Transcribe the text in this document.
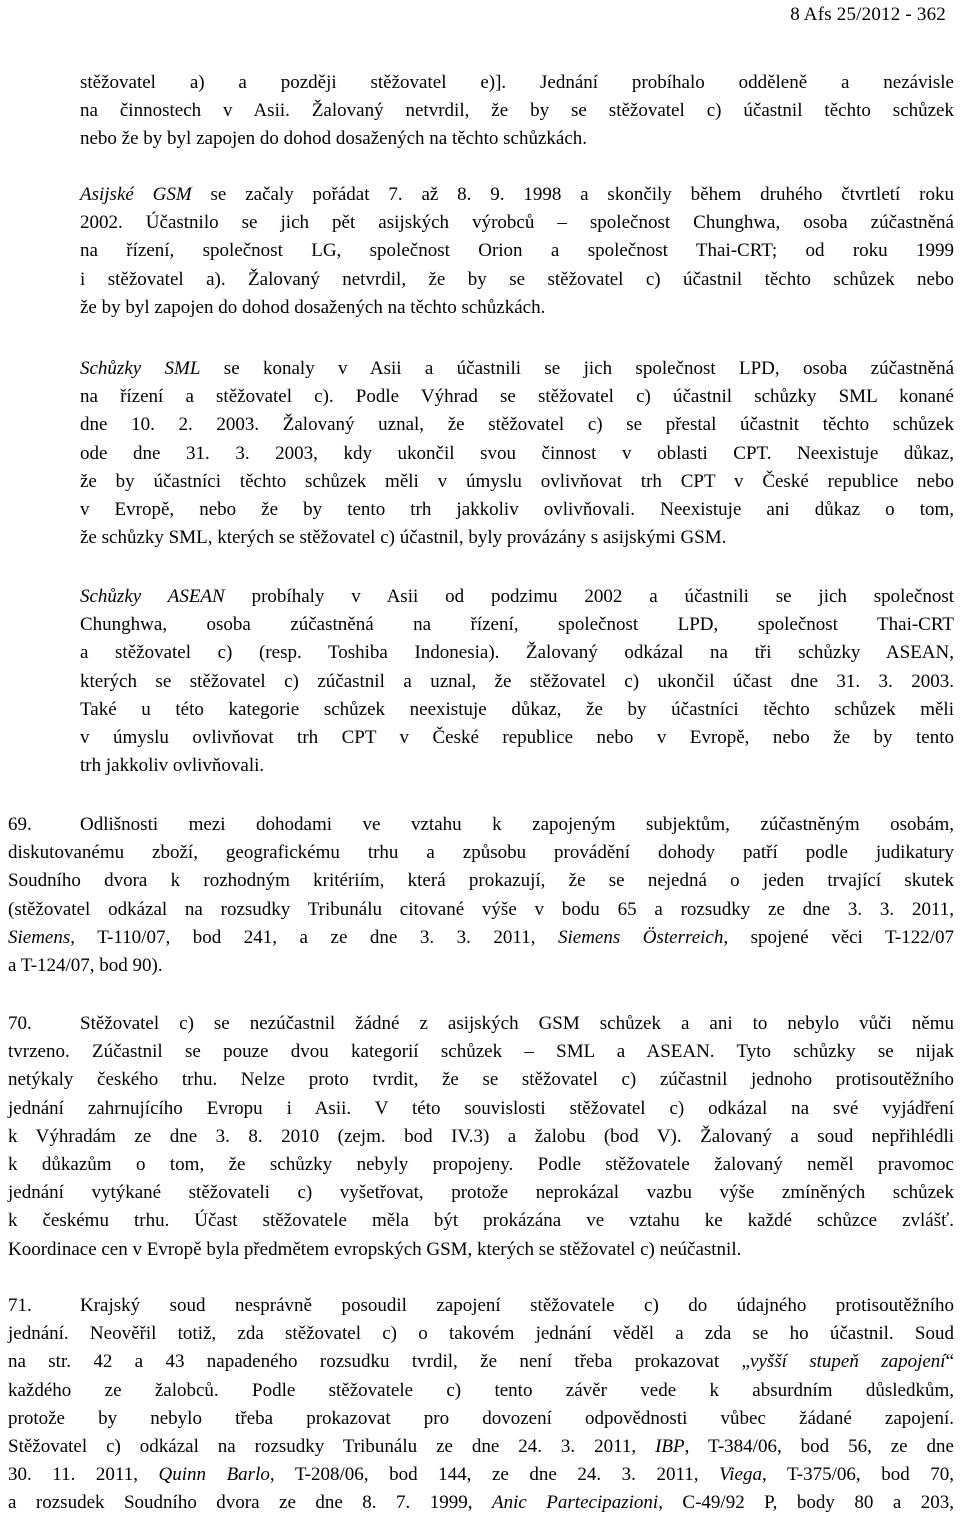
8 Afs 25/2012 - 362
stěžovatel a) a později stěžovatel e)]. Jednání probíhalo odděleně a nezávisle
na činnostech v Asii. Žalovaný netvrdil, že by se stěžovatel c) účastnil těchto schůzek
nebo že by byl zapojen do dohod dosažených na těchto schůzkách.
Asijské GSM se začaly pořádat 7. až 8. 9. 1998 a skončily během druhého čtvrtletí roku
2002. Účastnilo se jich pět asijských výrobců – společnost Chunghwa, osoba zúčastněná
na řízení, společnost LG, společnost Orion a společnost Thai-CRT; od roku 1999
i stěžovatel a). Žalovaný netvrdil, že by se stěžovatel c) účastnil těchto schůzek nebo
že by byl zapojen do dohod dosažených na těchto schůzkách.
Schůzky SML se konaly v Asii a účastnili se jich společnost LPD, osoba zúčastněná
na řízení a stěžovatel c). Podle Výhrad se stěžovatel c) účastnil schůzky SML konané
dne 10. 2. 2003. Žalovaný uznal, že stěžovatel c) se přestal účastnit těchto schůzek
ode dne 31. 3. 2003, kdy ukončil svou činnost v oblasti CPT. Neexistuje důkaz,
že by účastníci těchto schůzek měli v úmyslu ovlivňovat trh CPT v České republice nebo
v Evropě, nebo že by tento trh jakkoliv ovlivňovali. Neexistuje ani důkaz o tom,
že schůzky SML, kterých se stěžovatel c) účastnil, byly provázány s asijskými GSM.
Schůzky ASEAN probíhaly v Asii od podzimu 2002 a účastnili se jich společnost
Chunghwa, osoba zúčastněná na řízení, společnost LPD, společnost Thai-CRT
a stěžovatel c) (resp. Toshiba Indonesia). Žalovaný odkázal na tři schůzky ASEAN,
kterých se stěžovatel c) zúčastnil a uznal, že stěžovatel c) ukončil účast dne 31. 3. 2003.
Také u této kategorie schůzek neexistuje důkaz, že by účastníci těchto schůzek měli
v úmyslu ovlivňovat trh CPT v České republice nebo v Evropě, nebo že by tento
trh jakkoliv ovlivňovali.
69.	Odlišnosti mezi dohodami ve vztahu k zapojeným subjektům, zúčastněným osobám,
diskutovanému zboží, geografickému trhu a způsobu provádění dohody patří podle judikatury
Soudního dvora k rozhodným kritériím, která prokazují, že se nejedná o jeden trvající skutek
(stěžovatel odkázal na rozsudky Tribunálu citované výše v bodu 65 a rozsudky ze dne 3. 3. 2011,
Siemens, T-110/07, bod 241, a ze dne 3. 3. 2011, Siemens Österreich, spojené věci T-122/07
a T-124/07, bod 90).
70.	Stěžovatel c) se nezúčastnil žádné z asijských GSM schůzek a ani to nebylo vůči němu
tvrzeno. Zúčastnil se pouze dvou kategorií schůzek – SML a ASEAN. Tyto schůzky se nijak
netýkaly českého trhu. Nelze proto tvrdit, že se stěžovatel c) zúčastnil jednoho protisoutěžního
jednání zahrnujícího Evropu i Asii. V této souvislosti stěžovatel c) odkázal na své vyjádření
k Výhradám ze dne 3. 8. 2010 (zejm. bod IV.3) a žalobu (bod V). Žalovaný a soud nepřihlédli
k důkazům o tom, že schůzky nebyly propojeny. Podle stěžovatele žalovaný neměl pravomoc
jednání vytýkané stěžovateli c) vyšetřovat, protože neprokázal vazbu výše zmíněných schůzek
k českému trhu. Účast stěžovatele měla být prokázána ve vztahu ke každé schůzce zvlášť.
Koordinace cen v Evropě byla předmětem evropských GSM, kterých se stěžovatel c) neúčastnil.
71.	Krajský soud nesprávně posoudil zapojení stěžovatele c) do údajného protisoutěžního
jednání. Neověřil totiž, zda stěžovatel c) o takovém jednání věděl a zda se ho účastnil. Soud
na str. 42 a 43 napadeného rozsudku tvrdil, že není třeba prokazovat „vyšší stupeň zapojení“
každého ze žalobců. Podle stěžovatele c) tento závěr vede k absurdním důsledkům,
protože by nebylo třeba prokazovat pro dovození odpovědnosti vůbec žádané zapojení.
Stěžovatel c) odkázal na rozsudky Tribunálu ze dne 24. 3. 2011, IBP, T-384/06, bod 56, ze dne
30. 11. 2011, Quinn Barlo, T-208/06, bod 144, ze dne 24. 3. 2011, Viega, T-375/06, bod 70,
a rozsudek Soudního dvora ze dne 8. 7. 1999, Anic Partecipazioni, C-49/92 P, body 80 a 203,
